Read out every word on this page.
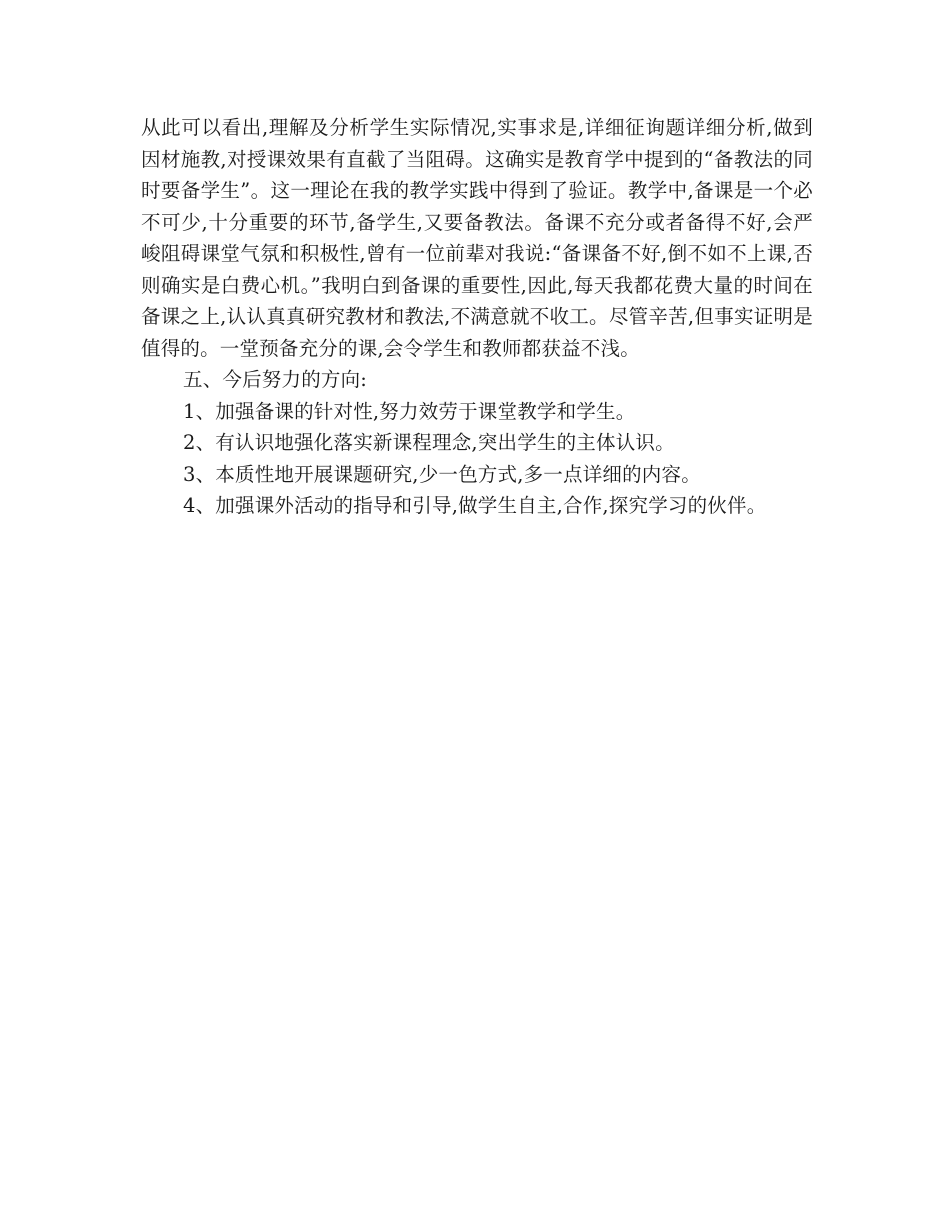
从此可以看出,理解及分析学生实际情况,实事求是,详细征询题详细分析,做到因材施教,对授课效果有直截了当阻碍。这确实是教育学中提到的“备教法的同时要备学生”。这一理论在我的教学实践中得到了验证。教学中,备课是一个必不可少,十分重要的环节,备学生,又要备教法。备课不充分或者备得不好,会严峻阻碍课堂气氛和积极性,曾有一位前辈对我说:“备课备不好,倒不如不上课,否则确实是白费心机。”我明白到备课的重要性,因此,每天我都花费大量的时间在备课之上,认认真真研究教材和教法,不满意就不收工。尽管辛苦,但事实证明是值得的。一堂预备充分的课,会令学生和教师都获益不浅。

五、今后努力的方向:

1、加强备课的针对性,努力效劳于课堂教学和学生。

2、有认识地强化落实新课程理念,突出学生的主体认识。

3、本质性地开展课题研究,少一色方式,多一点详细的内容。

4、加强课外活动的指导和引导,做学生自主,合作,探究学习的伙伴。
